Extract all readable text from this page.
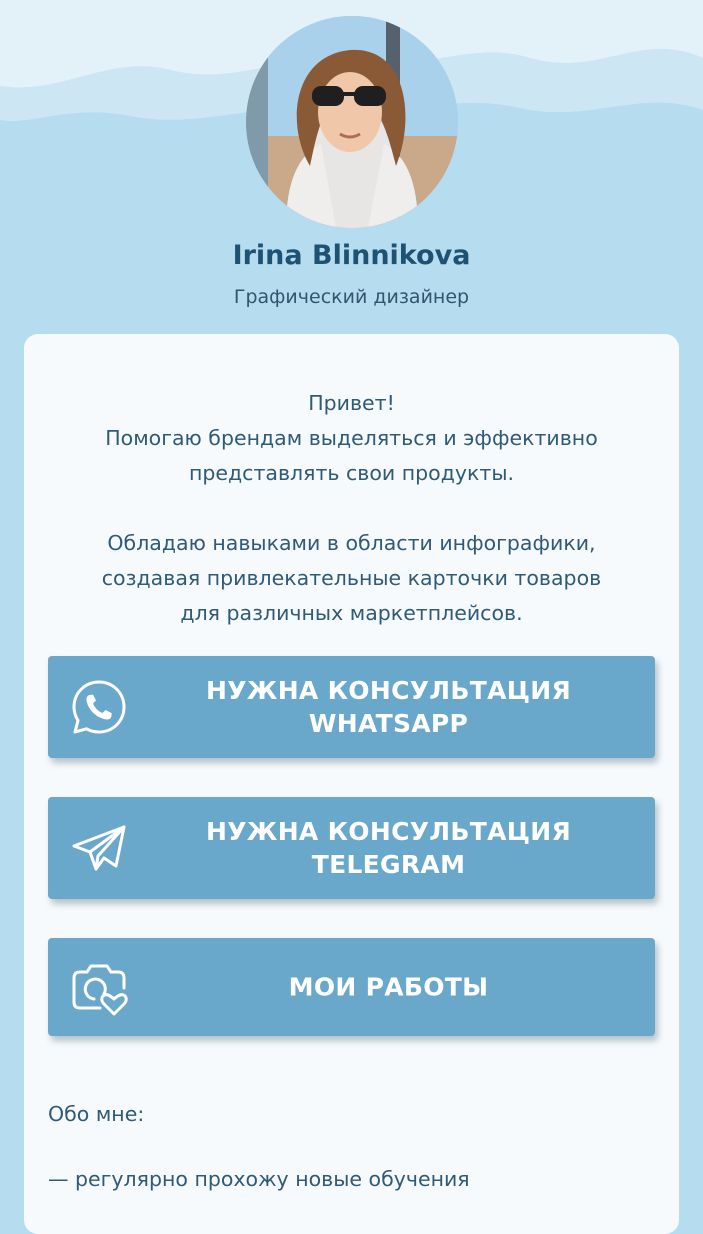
Irina Blinnikova
Графический дизайнер

Привет!

Помогаю брендам выделяться и эффективно

представлять свои продукты.

Обладаю навыками в области инфографики,

создавая привлекательные карточки товаров

для различных маркетплейсов.

НУЖНА КОНСУЛЬТАЦИЯ
WHATSAPP
НУЖНА КОНСУЛЬТАЦИЯ
TELEGRAM
МОИ РАБОТЫ
Обо мне:
— регулярно прохожу новые обучения
